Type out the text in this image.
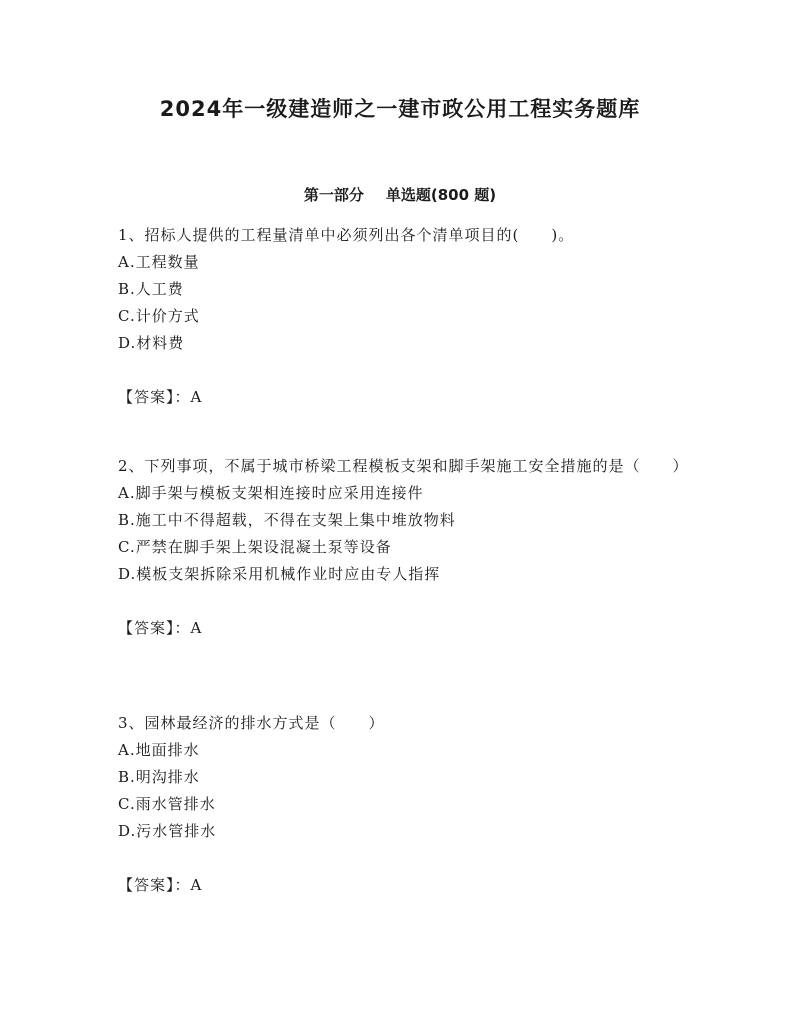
2024年一级建造师之一建市政公用工程实务题库
第一部分 单选题(800 题)

1、招标人提供的工程量清单中必须列出各个清单项目的(　　)。

A.工程数量

B.人工费

C.计价方式

D.材料费

【答案】：A

2、下列事项，不属于城市桥梁工程模板支架和脚手架施工安全措施的是（　　）

A.脚手架与模板支架相连接时应采用连接件

B.施工中不得超载，不得在支架上集中堆放物料

C.严禁在脚手架上架设混凝土泵等设备

D.模板支架拆除采用机械作业时应由专人指挥

【答案】：A

3、园林最经济的排水方式是（　　）

A.地面排水

B.明沟排水

C.雨水管排水

D.污水管排水

【答案】：A
